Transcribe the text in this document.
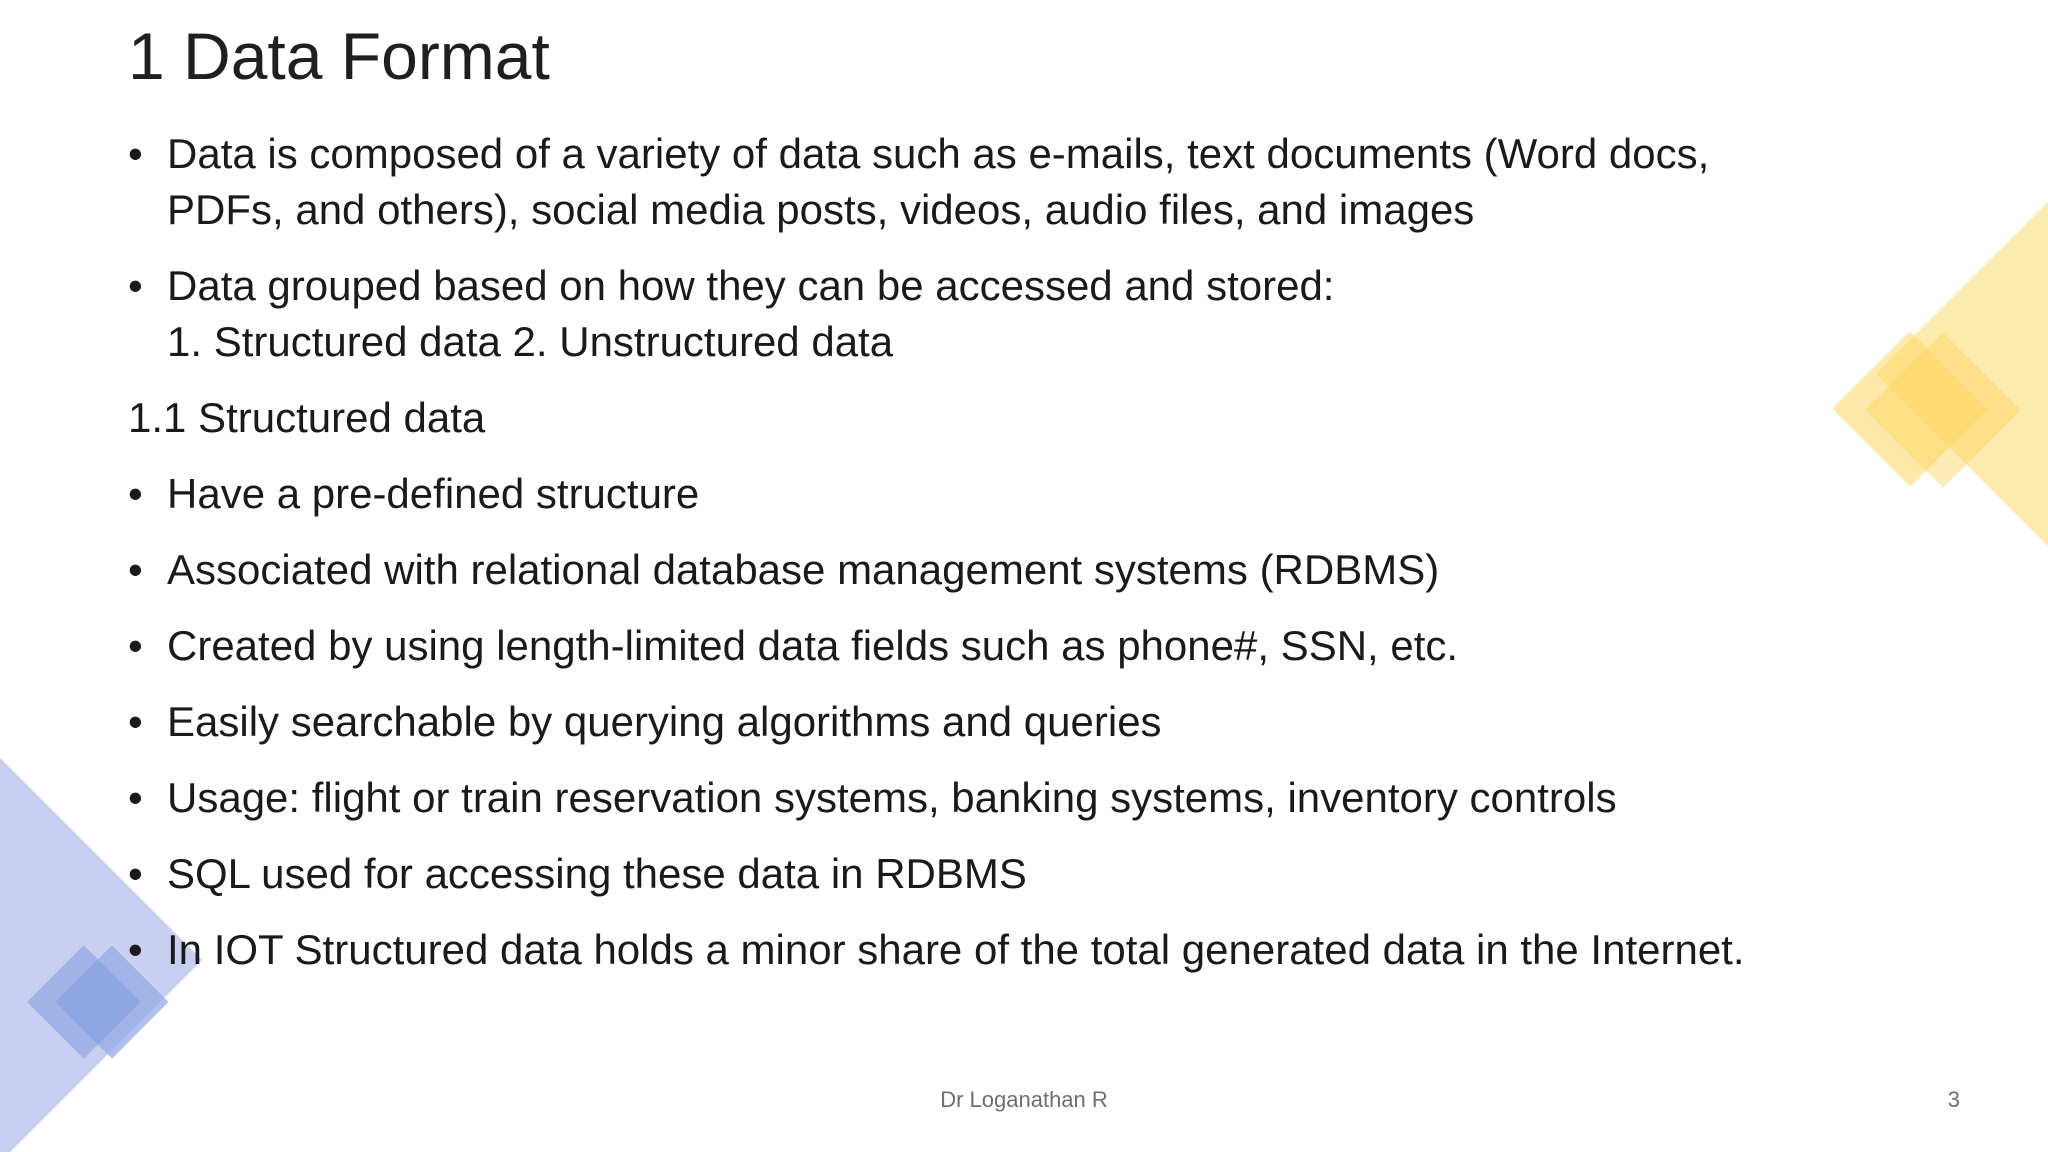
1 Data Format
• Data is composed of a variety of data such as e-mails, text documents (Word docs,
PDFs, and others), social media posts, videos, audio files, and images
• Data grouped based on how they can be accessed and stored:
1. Structured data 2. Unstructured data
1.1 Structured data
• Have a pre-defined structure
• Associated with relational database management systems (RDBMS)
• Created by using length-limited data fields such as phone#, SSN, etc.
• Easily searchable by querying algorithms and queries
• Usage: flight or train reservation systems, banking systems, inventory controls
• SQL used for accessing these data in RDBMS
• In IOT Structured data holds a minor share of the total generated data in the Internet.
Dr Loganathan R	3
